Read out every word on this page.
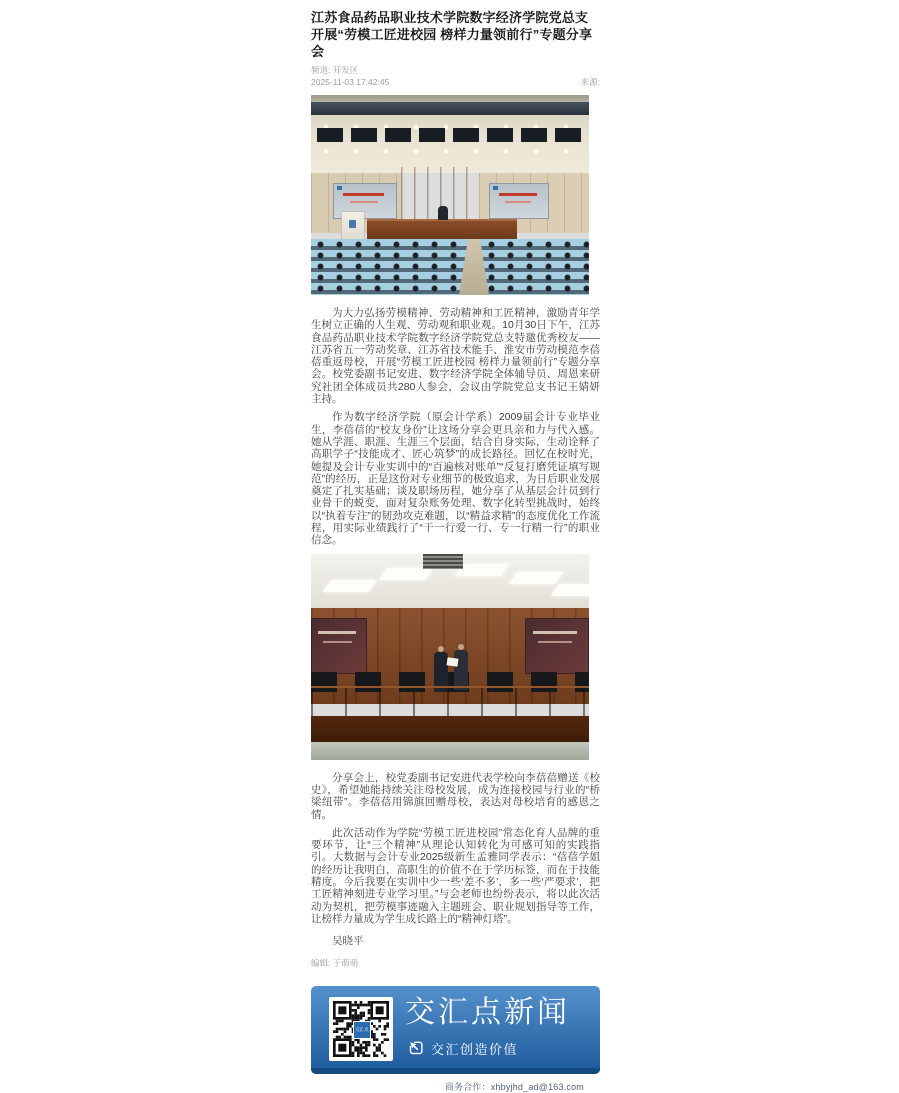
江苏食品药品职业技术学院数字经济学院党总支开展“劳模工匠进校园 榜样力量领前行”专题分享会
频道: 开发区
2025-11-03 17:42:45	来源:

为大力弘扬劳模精神、劳动精神和工匠精神，激励青年学生树立正确的人生观、劳动观和职业观。10月30日下午，江苏食品药品职业技术学院数字经济学院党总支特邀优秀校友——江苏省五一劳动奖章、江苏省技术能手、淮安市劳动模范李蓓蓓重返母校，开展“劳模工匠进校园 榜样力量领前行”专题分享会。校党委副书记安进、数字经济学院全体辅导员、周恩来研究社团全体成员共280人参会，会议由学院党总支书记王婧妍主持。

作为数字经济学院（原会计学系）2009届会计专业毕业生，李蓓蓓的“校友身份”让这场分享会更具亲和力与代入感。她从学涯、职涯、生涯三个层面，结合自身实际，生动诠释了高职学子“技能成才、匠心筑梦”的成长路径。回忆在校时光，她提及会计专业实训中的“百遍核对账单”“反复打磨凭证填写规范”的经历，正是这份对专业细节的极致追求，为日后职业发展奠定了扎实基础；谈及职场历程，她分享了从基层会计员到行业骨干的蜕变，面对复杂账务处理、数字化转型挑战时，始终以“执着专注”的韧劲攻克难题，以“精益求精”的态度优化工作流程，用实际业绩践行了“干一行爱一行、专一行精一行”的职业信念。

分享会上，校党委副书记安进代表学校向李蓓蓓赠送《校史》，希望她能持续关注母校发展，成为连接校园与行业的“桥梁纽带”。李蓓蓓用锦旗回赠母校，表达对母校培育的感恩之情。

此次活动作为学院“劳模工匠进校园”常态化育人品牌的重要环节，让“三个精神”从理论认知转化为可感可知的实践指引。大数据与会计专业2025级新生孟雅同学表示：“蓓蓓学姐的经历让我明白，高职生的价值不在于学历标签，而在于技能精度。今后我要在实训中少一些‘差不多’，多一些‘严要求’，把工匠精神刻进专业学习里。”与会老师也纷纷表示，将以此次活动为契机，把劳模事迹融入主题班会、职业规划指导等工作，让榜样力量成为学生成长路上的“精神灯塔”。

吴晓平

编辑: 于萌萌
交汇点
交汇点新闻
交汇创造价值
商务合作：xhbyjhd_ad@163.com
